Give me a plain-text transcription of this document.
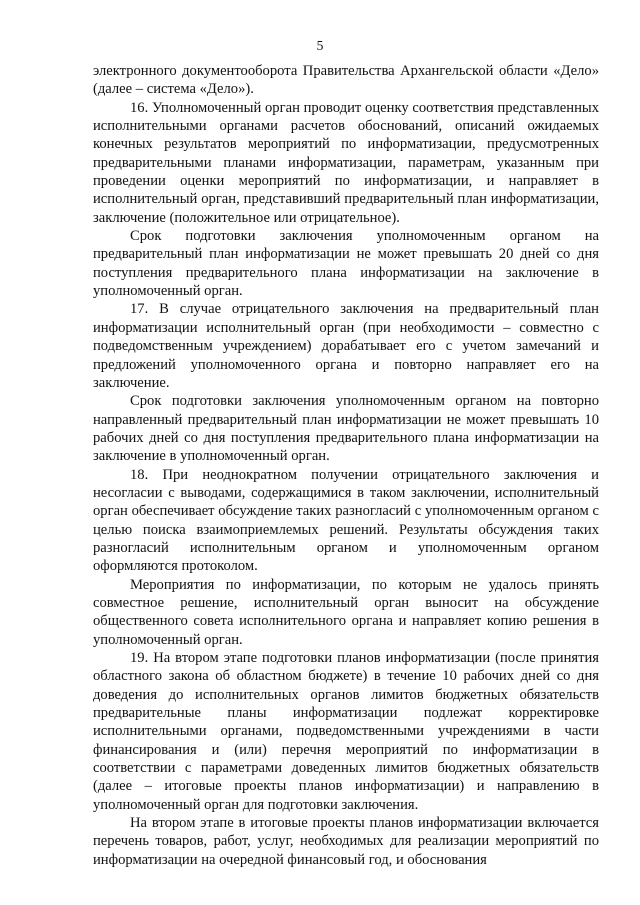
5

электронного документооборота Правительства Архангельской области «Дело» (далее – система «Дело»).

16. Уполномоченный орган проводит оценку соответствия представленных исполнительными органами расчетов обоснований, описаний ожидаемых конечных результатов мероприятий по информатизации, предусмотренных предварительными планами информатизации, параметрам, указанным при проведении оценки мероприятий по информатизации, и направляет в исполнительный орган, представивший предварительный план информатизации, заключение (положительное или отрицательное).

Срок подготовки заключения уполномоченным органом на предварительный план информатизации не может превышать 20 дней со дня поступления предварительного плана информатизации на заключение в уполномоченный орган.

17. В случае отрицательного заключения на предварительный план информатизации исполнительный орган (при необходимости – совместно с подведомственным учреждением) дорабатывает его с учетом замечаний и предложений уполномоченного органа и повторно направляет его на заключение.

Срок подготовки заключения уполномоченным органом на повторно направленный предварительный план информатизации не может превышать 10 рабочих дней со дня поступления предварительного плана информатизации на заключение в уполномоченный орган.

18. При неоднократном получении отрицательного заключения и несогласии с выводами, содержащимися в таком заключении, исполнительный орган обеспечивает обсуждение таких разногласий с уполномоченным органом с целью поиска взаимоприемлемых решений. Результаты обсуждения таких разногласий исполнительным органом и уполномоченным органом оформляются протоколом.

Мероприятия по информатизации, по которым не удалось принять совместное решение, исполнительный орган выносит на обсуждение общественного совета исполнительного органа и направляет копию решения в уполномоченный орган.

19. На втором этапе подготовки планов информатизации (после принятия областного закона об областном бюджете) в течение 10 рабочих дней со дня доведения до исполнительных органов лимитов бюджетных обязательств предварительные планы информатизации подлежат корректировке исполнительными органами, подведомственными учреждениями в части финансирования и (или) перечня мероприятий по информатизации в соответствии с параметрами доведенных лимитов бюджетных обязательств (далее – итоговые проекты планов информатизации) и направлению в уполномоченный орган для подготовки заключения.

На втором этапе в итоговые проекты планов информатизации включается перечень товаров, работ, услуг, необходимых для реализации мероприятий по информатизации на очередной финансовый год, и обоснования
